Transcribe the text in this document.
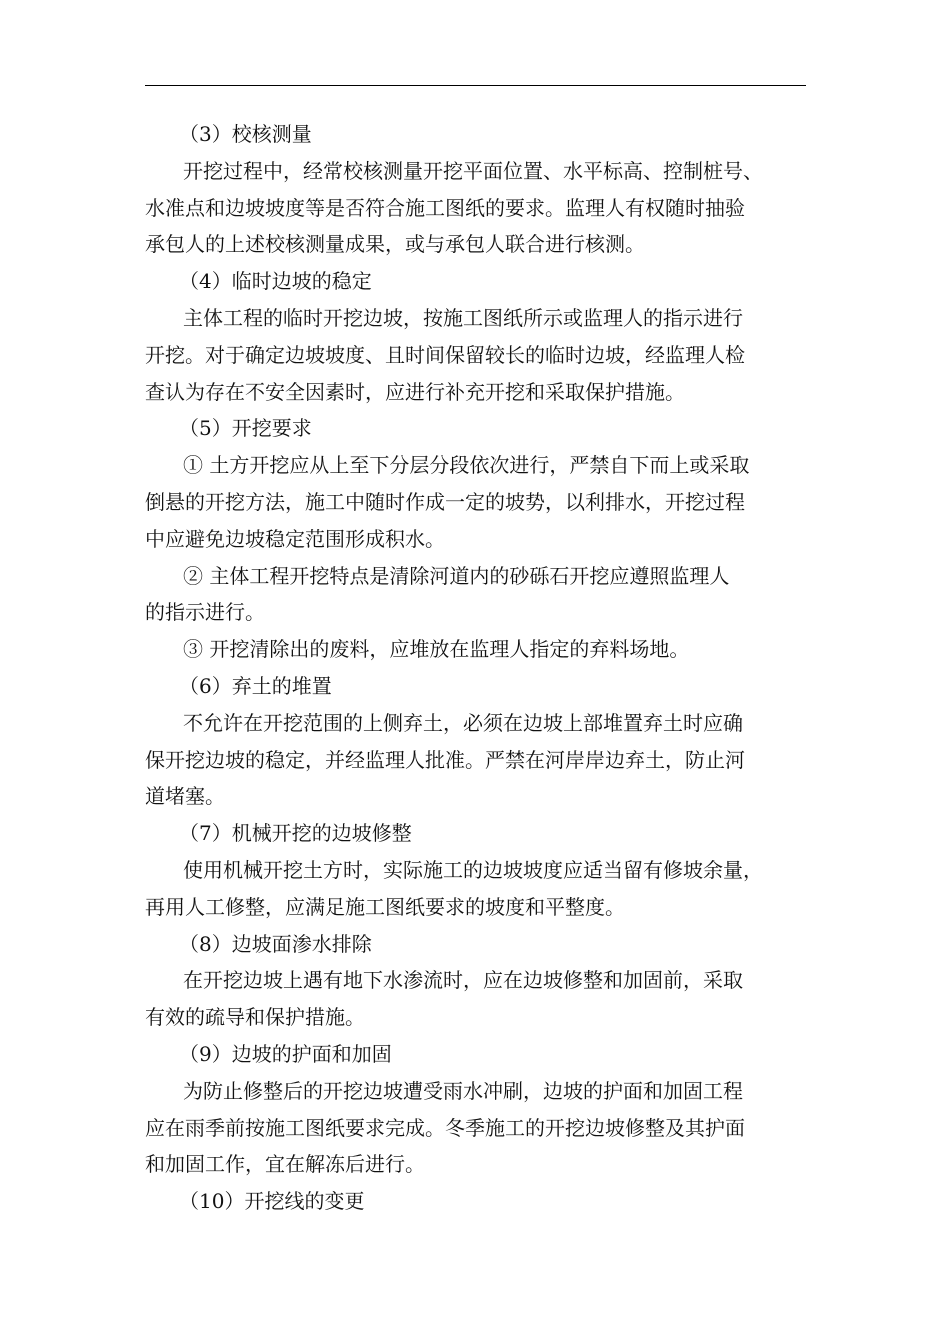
（3）校核测量

开挖过程中，经常校核测量开挖平面位置、水平标高、控制桩号、
水准点和边坡坡度等是否符合施工图纸的要求。监理人有权随时抽验
承包人的上述校核测量成果，或与承包人联合进行核测。

（4）临时边坡的稳定

主体工程的临时开挖边坡，按施工图纸所示或监理人的指示进行
开挖。对于确定边坡坡度、且时间保留较长的临时边坡，经监理人检
查认为存在不安全因素时，应进行补充开挖和采取保护措施。

（5）开挖要求

① 土方开挖应从上至下分层分段依次进行，严禁自下而上或采取
倒悬的开挖方法，施工中随时作成一定的坡势，以利排水，开挖过程
中应避免边坡稳定范围形成积水。

② 主体工程开挖特点是清除河道内的砂砾石开挖应遵照监理人
的指示进行。

③ 开挖清除出的废料，应堆放在监理人指定的弃料场地。

（6）弃土的堆置

不允许在开挖范围的上侧弃土，必须在边坡上部堆置弃土时应确
保开挖边坡的稳定，并经监理人批准。严禁在河岸岸边弃土，防止河
道堵塞。

（7）机械开挖的边坡修整

使用机械开挖土方时，实际施工的边坡坡度应适当留有修坡余量，
再用人工修整，应满足施工图纸要求的坡度和平整度。

（8）边坡面渗水排除

在开挖边坡上遇有地下水渗流时，应在边坡修整和加固前，采取
有效的疏导和保护措施。

（9）边坡的护面和加固

为防止修整后的开挖边坡遭受雨水冲刷，边坡的护面和加固工程
应在雨季前按施工图纸要求完成。冬季施工的开挖边坡修整及其护面
和加固工作，宜在解冻后进行。

（10）开挖线的变更
